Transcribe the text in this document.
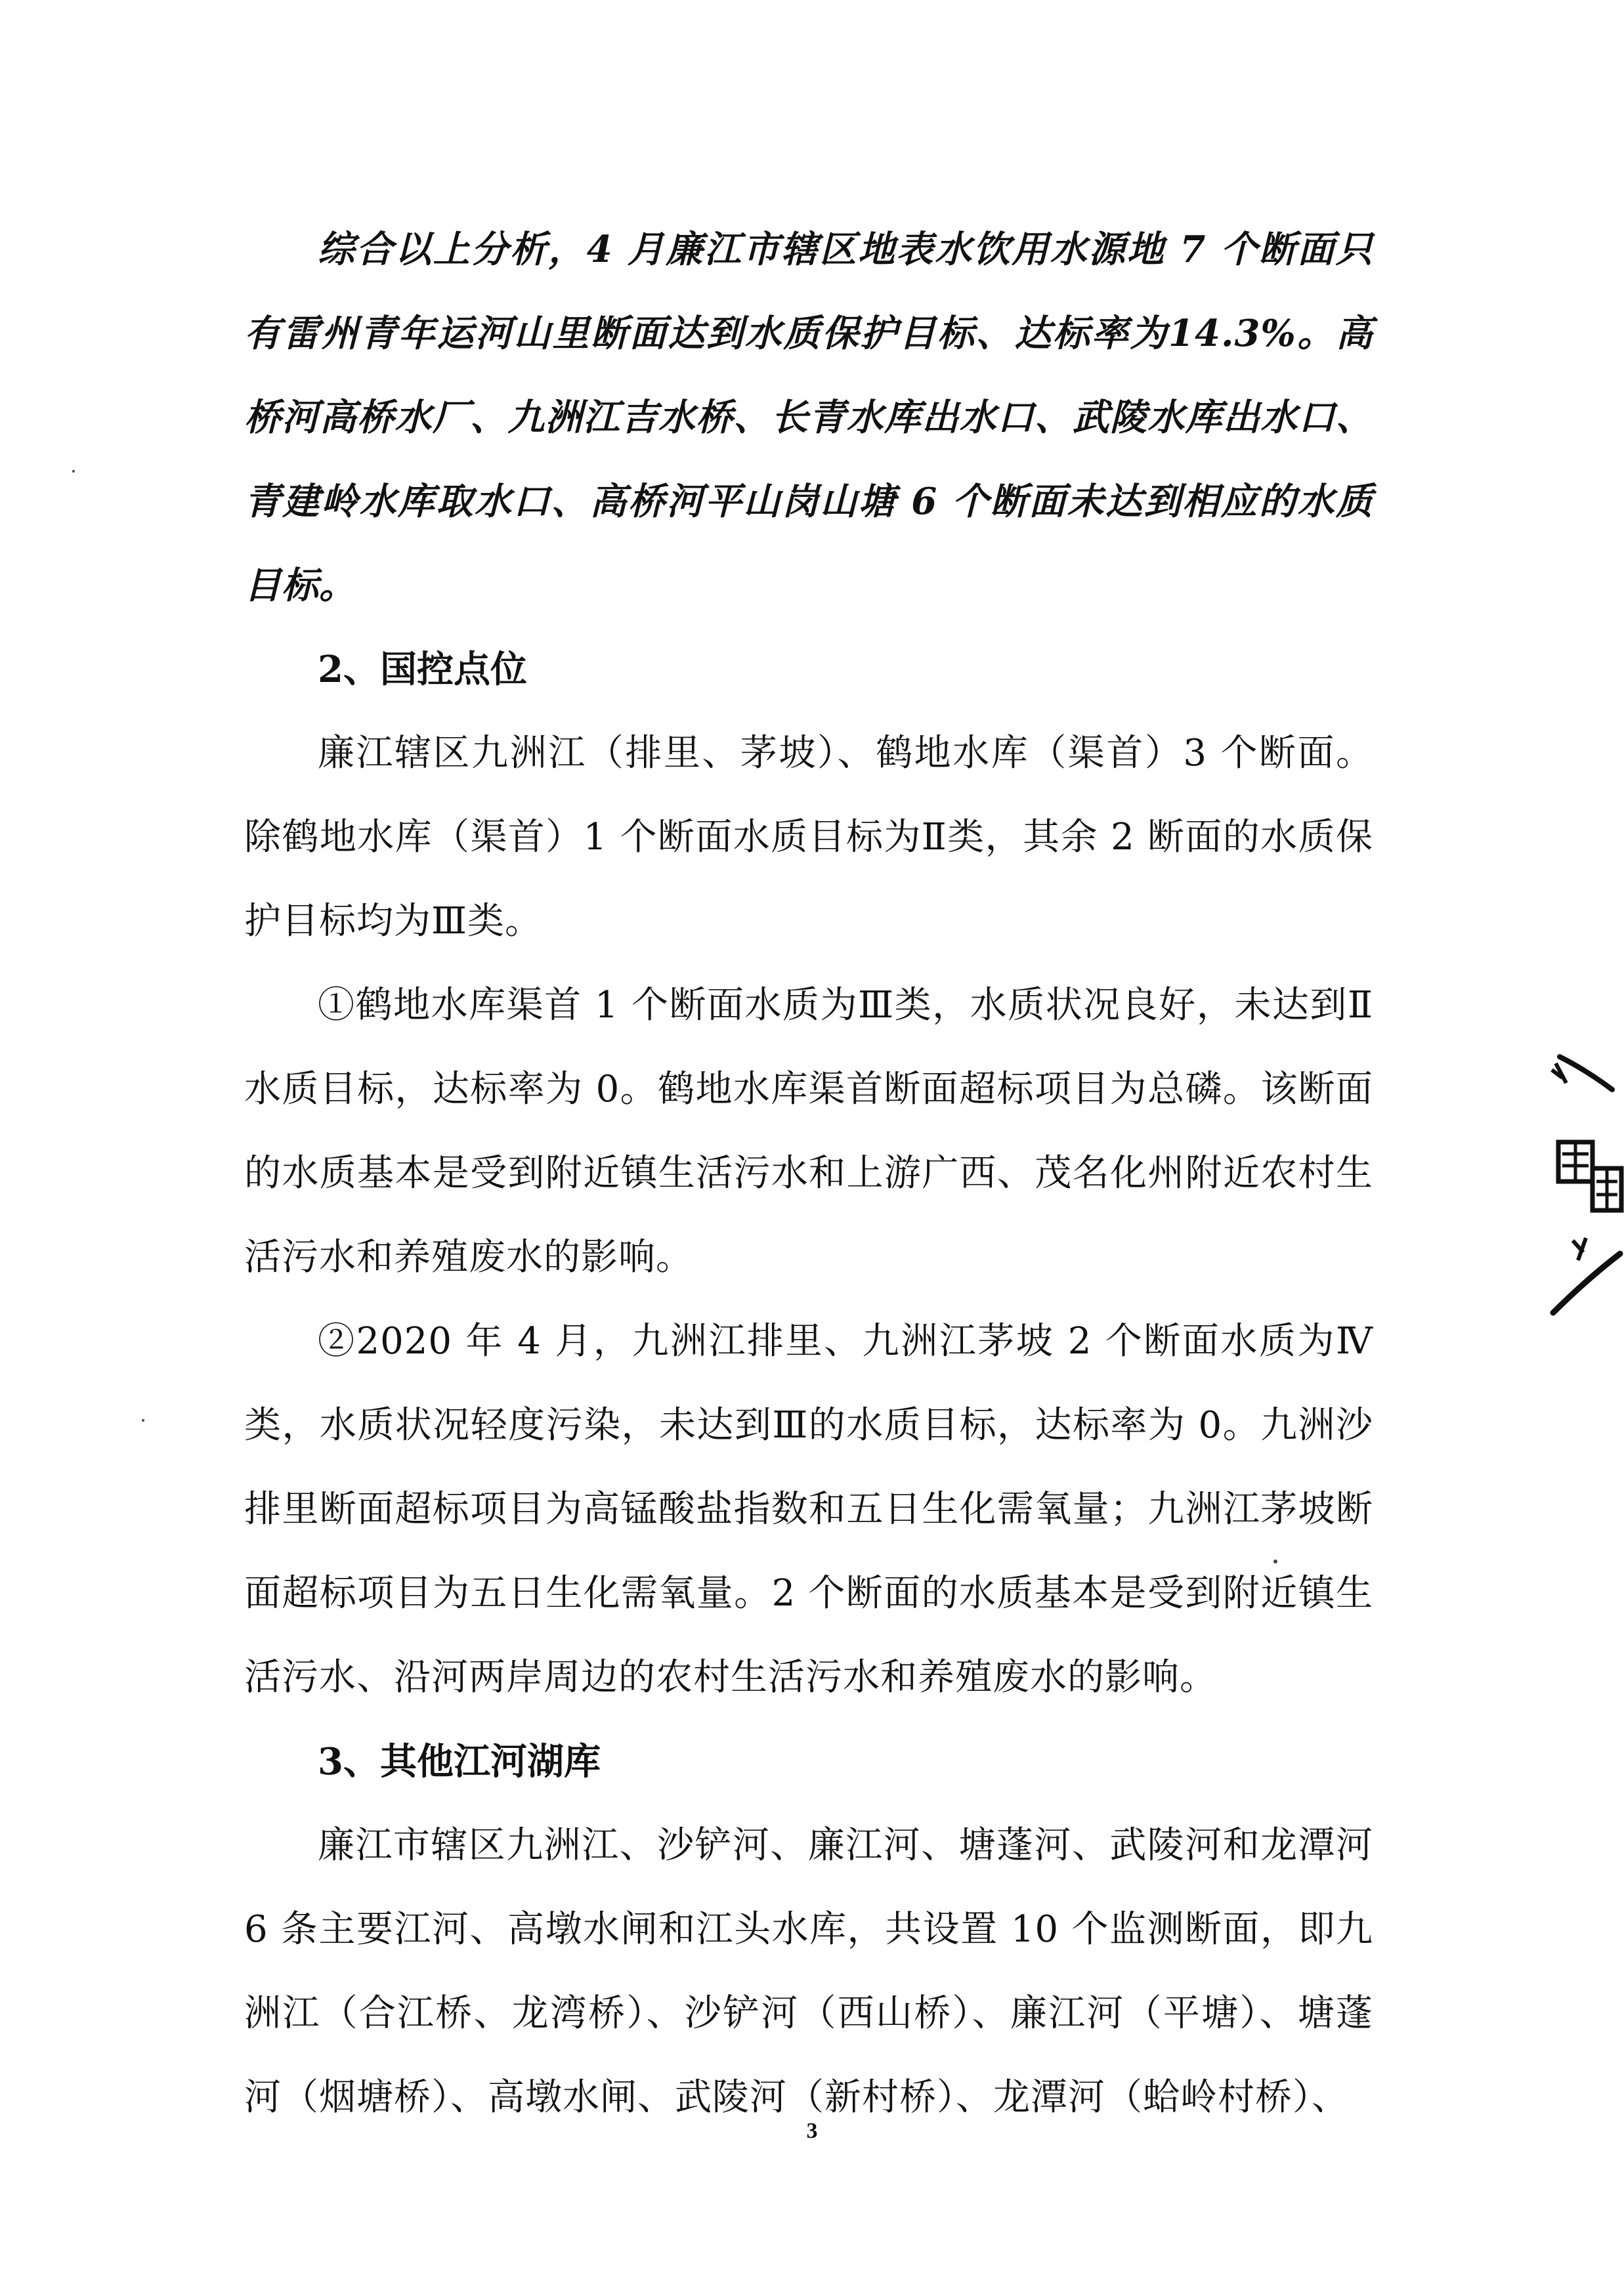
综合以上分析，4 月廉江市辖区地表水饮用水源地 7 个断面只有雷州青年运河山里断面达到水质保护目标、达标率为14.3%。高桥河高桥水厂、九洲江吉水桥、长青水库出水口、武陵水库出水口、青建岭水库取水口、高桥河平山岗山塘 6 个断面未达到相应的水质目标。

2、国控点位

廉江辖区九洲江（排里、茅坡）、鹤地水库（渠首）3 个断面。除鹤地水库（渠首）1 个断面水质目标为Ⅱ类，其余 2 断面的水质保护目标均为Ⅲ类。

①鹤地水库渠首 1 个断面水质为Ⅲ类，水质状况良好，未达到Ⅱ水质目标，达标率为 0。鹤地水库渠首断面超标项目为总磷。该断面的水质基本是受到附近镇生活污水和上游广西、茂名化州附近农村生活污水和养殖废水的影响。

②2020 年 4 月，九洲江排里、九洲江茅坡 2 个断面水质为Ⅳ类，水质状况轻度污染，未达到Ⅲ的水质目标，达标率为 0。九洲沙排里断面超标项目为高锰酸盐指数和五日生化需氧量；九洲江茅坡断面超标项目为五日生化需氧量。2 个断面的水质基本是受到附近镇生活污水、沿河两岸周边的农村生活污水和养殖废水的影响。

3、其他江河湖库

廉江市辖区九洲江、沙铲河、廉江河、塘蓬河、武陵河和龙潭河 6 条主要江河、高墩水闸和江头水库，共设置 10 个监测断面，即九洲江（合江桥、龙湾桥）、沙铲河（西山桥）、廉江河（平塘）、塘蓬河（烟塘桥）、高墩水闸、武陵河（新村桥）、龙潭河（蛤岭村桥）、

3
